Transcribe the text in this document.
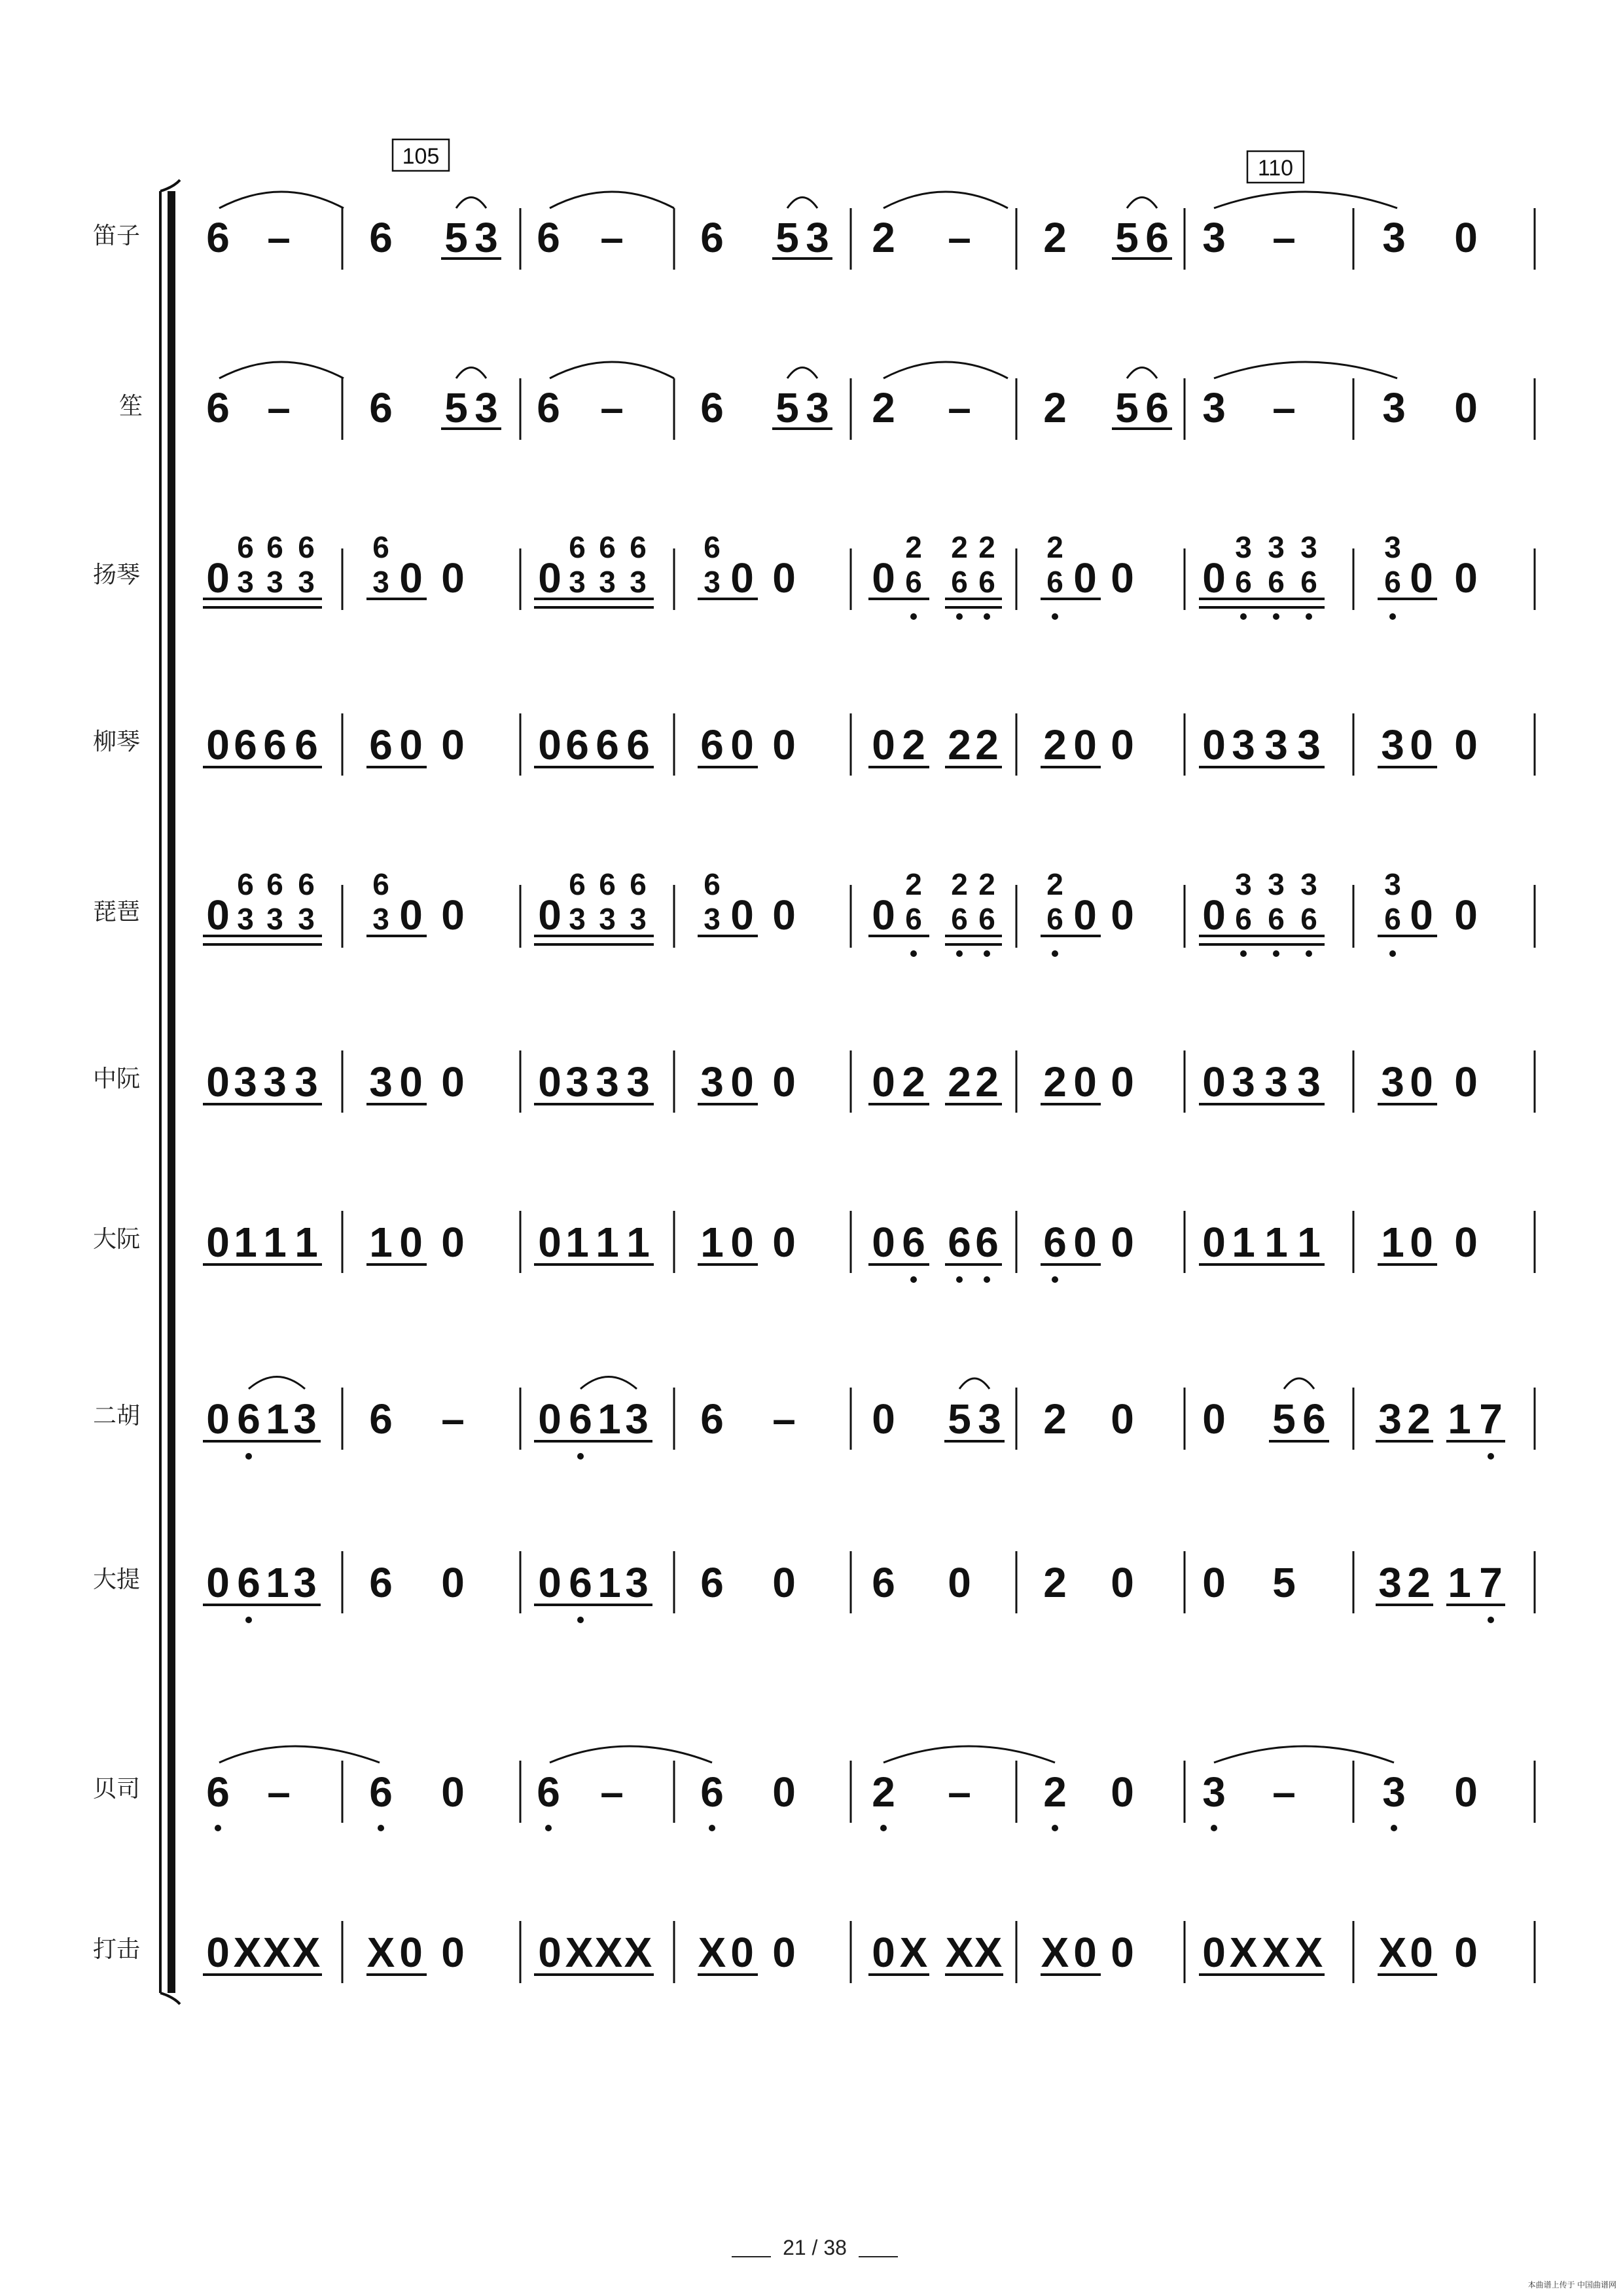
105	110
笛子
笙
扬琴
柳琴
琵琶
中阮
大阮
二胡
大提
贝司
打击
6 – 6 5 3 6 – 6 5 3 2 – 2 5 6 3 – 3 0
6 – 6 5 3 6 – 6 5 3 2 – 2 5 6 3 – 3 0
0
6
3
6
3
6
3
6
3 0 0 0
6
3
6
3
6
3
6
3 0 0 0
2
6
2
6
2
6
2
6 0 0 0
3
6
3
6
3
6
3
6 0 0
0 6 6 6 6 0 0 0 6 6 6 6 0 0 0 2 2 2 2 0 0 0 3 3 3 3 0 0
0
6
3
6
3
6
3
6
3 0 0 0
6
3
6
3
6
3
6
3 0 0 0
2
6
2
6
2
6
2
6 0 0 0
3
6
3
6
3
6
3
6 0 0
0 3 3 3 3 0 0 0 3 3 3 3 0 0 0 2 2 2 2 0 0 0 3 3 3 3 0 0
0 1 1 1 1 0 0 0 1 1 1 1 0 0 0 6 6 6 6 0 0 0 1 1 1 1 0 0
0 6 1 3 6 – 0 6 1 3 6 – 0 5 3 2 0 0 5 6 3 2 1 7
0 6 1 3 6 0 0 6 1 3 6 0 6 0 2 0 0 5 3 2 1 7
6 – 6 0 6 – 6 0 2 – 2 0 3 – 3 0
0 X X X X 0 0 0 X X X X 0 0 0 X X X X 0 0 0 X X X X 0 0
21 / 38
本曲谱上传于 中国曲谱网
